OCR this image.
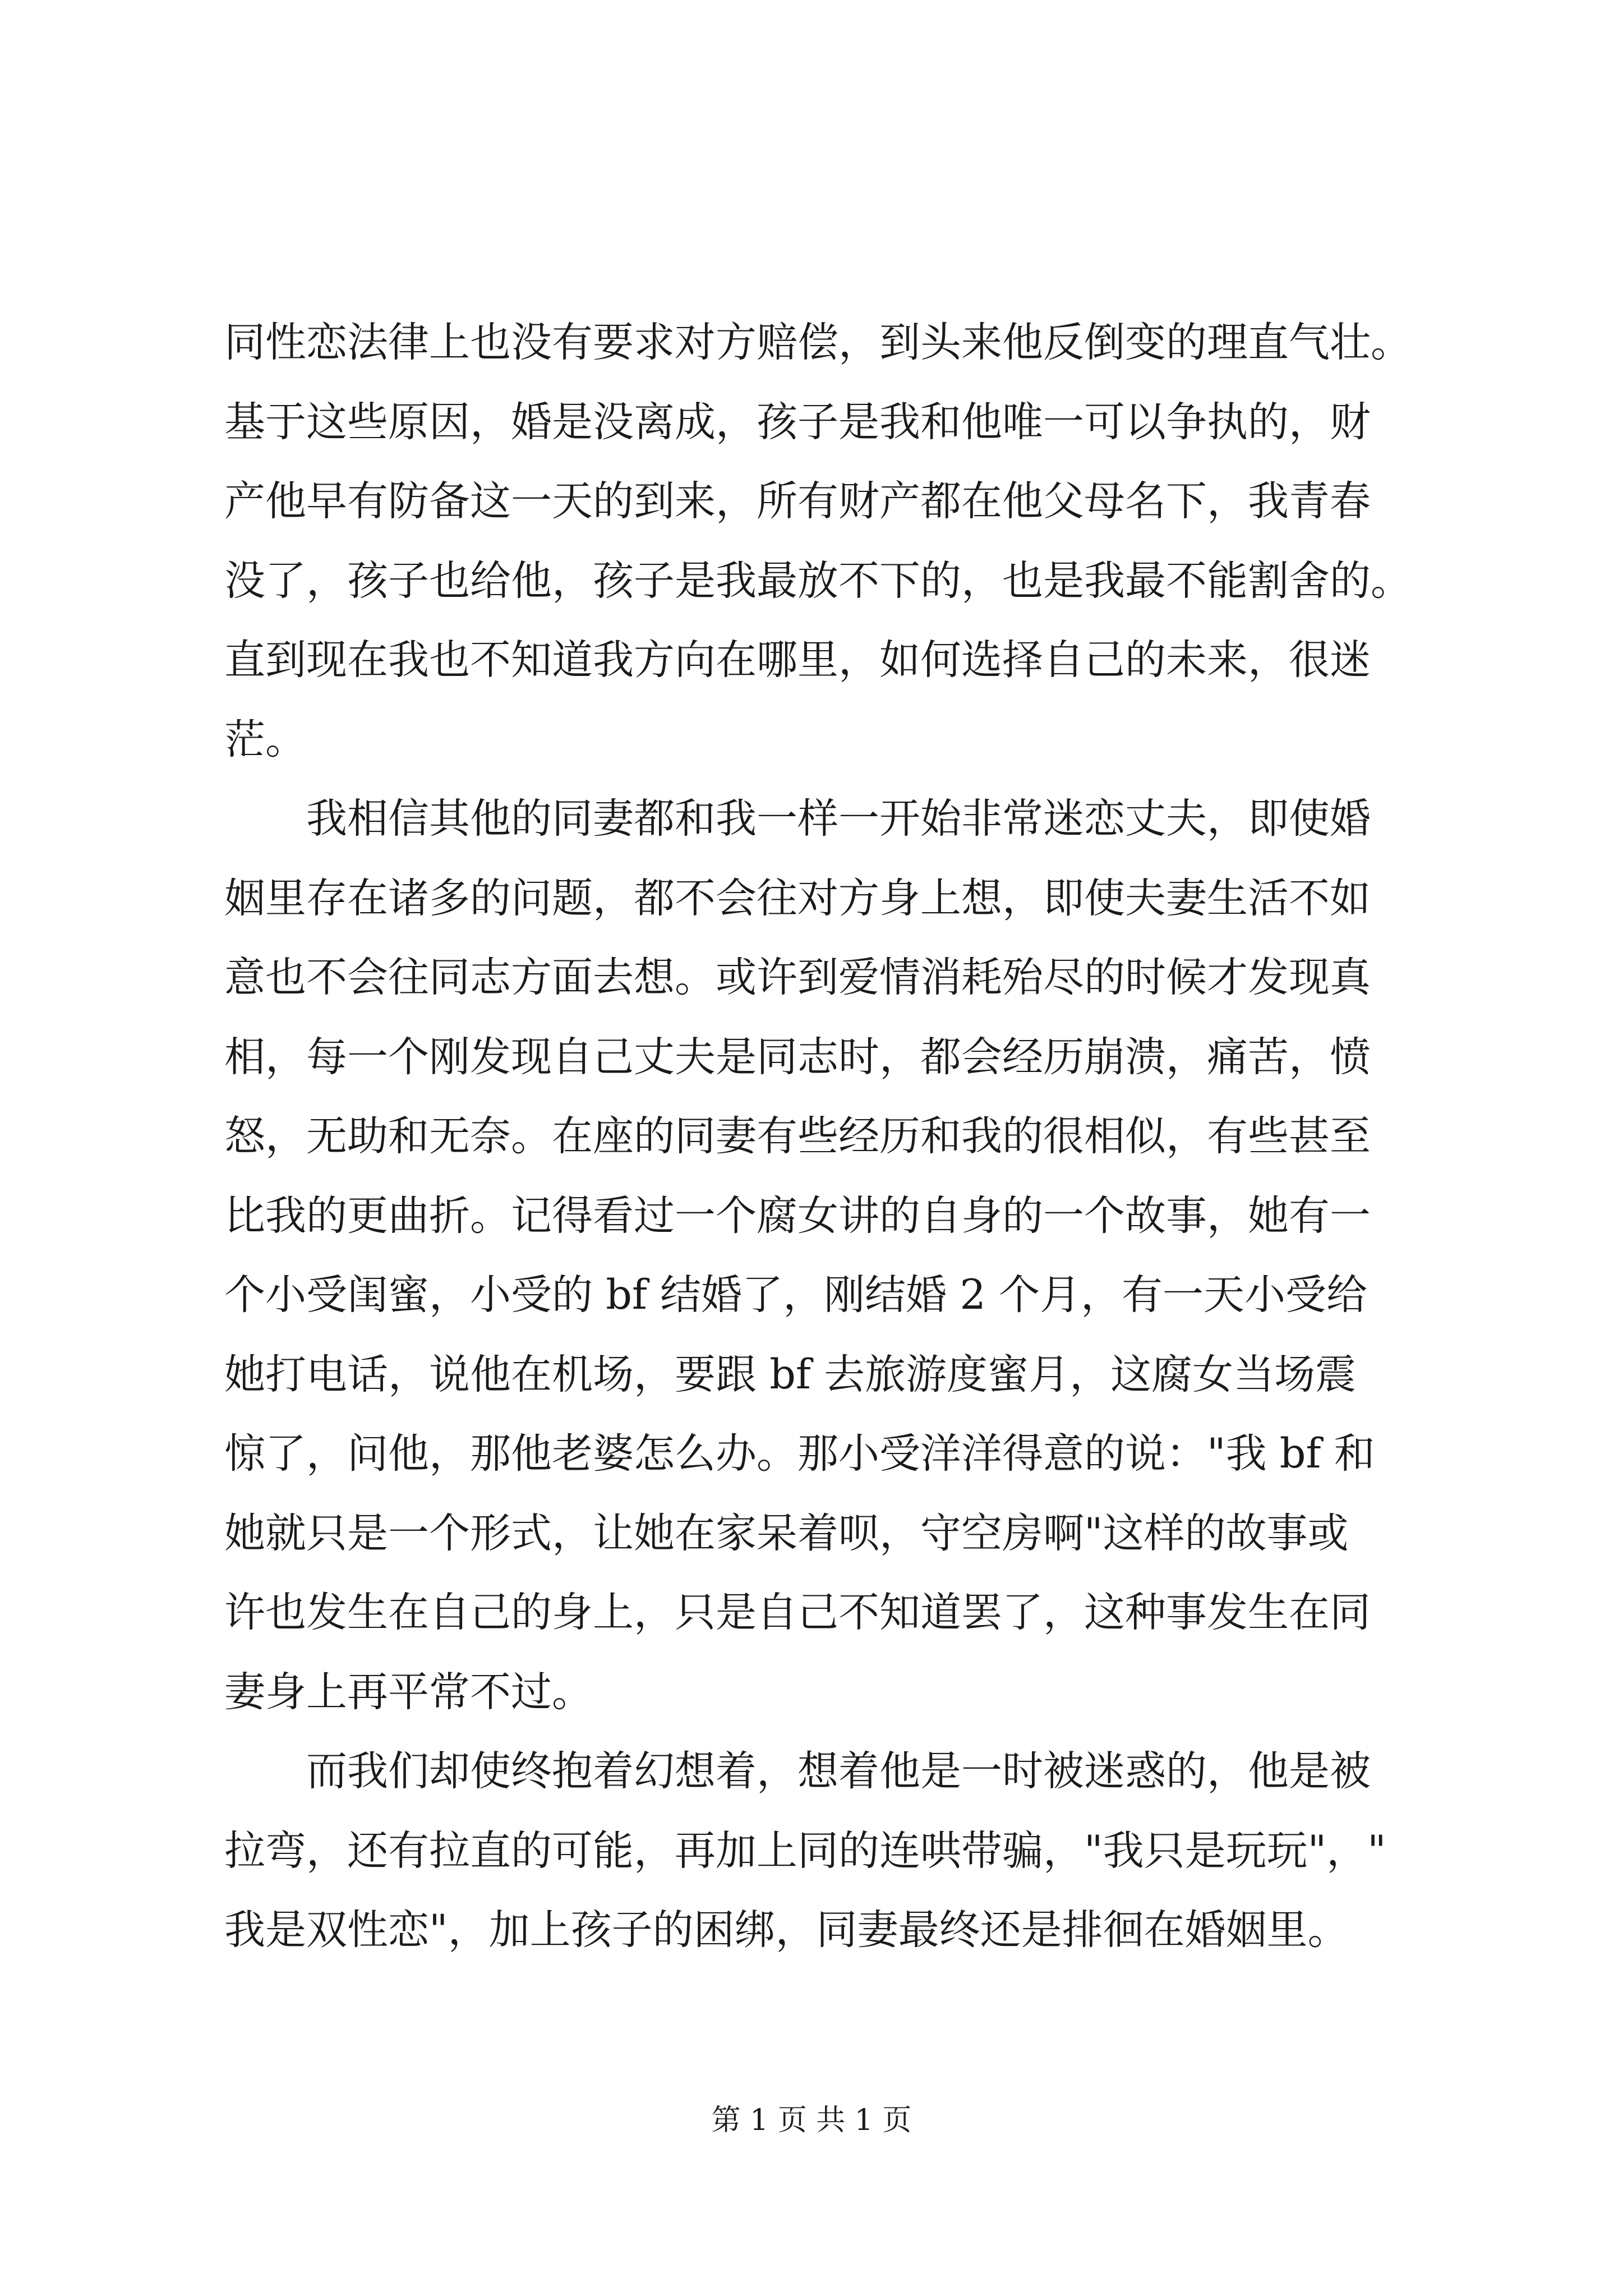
同性恋法律上也没有要求对方赔偿，到头来他反倒变的理直气壮。
基于这些原因，婚是没离成，孩子是我和他唯一可以争执的，财
产他早有防备这一天的到来，所有财产都在他父母名下，我青春
没了，孩子也给他，孩子是我最放不下的，也是我最不能割舍的。
直到现在我也不知道我方向在哪里，如何选择自己的未来，很迷
茫。

　　我相信其他的同妻都和我一样一开始非常迷恋丈夫，即使婚
姻里存在诸多的问题，都不会往对方身上想，即使夫妻生活不如
意也不会往同志方面去想。或许到爱情消耗殆尽的时候才发现真
相，每一个刚发现自己丈夫是同志时，都会经历崩溃，痛苦，愤
怒，无助和无奈。在座的同妻有些经历和我的很相似，有些甚至
比我的更曲折。记得看过一个腐女讲的自身的一个故事，她有一
个小受闺蜜，小受的 bf 结婚了，刚结婚 2 个月，有一天小受给
她打电话，说他在机场，要跟 bf 去旅游度蜜月，这腐女当场震
惊了，问他，那他老婆怎么办。那小受洋洋得意的说："我 bf 和
她就只是一个形式，让她在家呆着呗，守空房啊"这样的故事或
许也发生在自己的身上，只是自己不知道罢了，这种事发生在同
妻身上再平常不过。

　　而我们却使终抱着幻想着，想着他是一时被迷惑的，他是被
拉弯，还有拉直的可能，再加上同的连哄带骗，"我只是玩玩"，"
我是双性恋"，加上孩子的困绑，同妻最终还是排徊在婚姻里。

第 1 页 共 1 页
